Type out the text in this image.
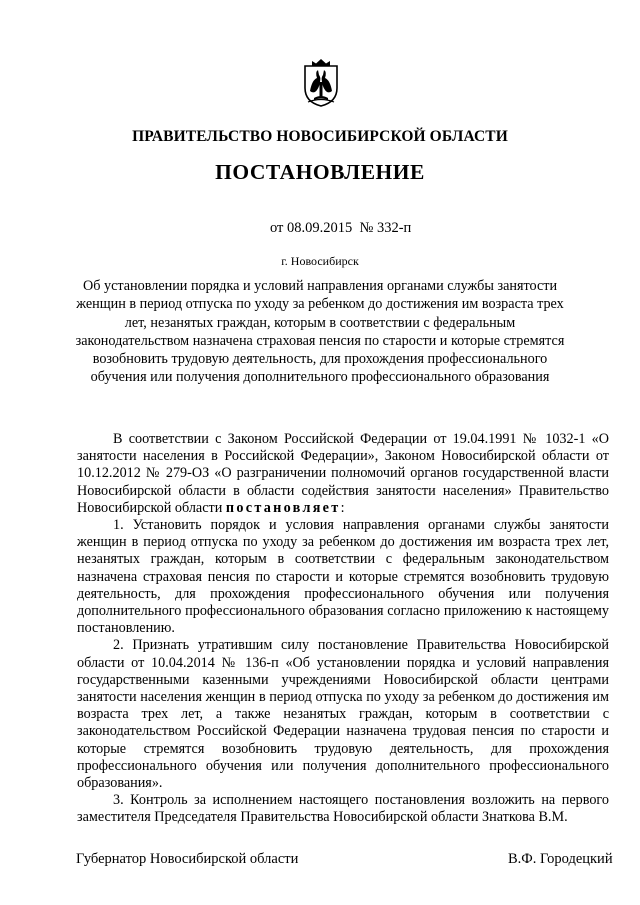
ПРАВИТЕЛЬСТВО НОВОСИБИРСКОЙ ОБЛАСТИ
ПОСТАНОВЛЕНИЕ
от 08.09.2015  № 332-п
г. Новосибирск
Об установлении порядка и условий направления органами службы занятости женщин в период отпуска по уходу за ребенком до достижения им возраста трех лет, незанятых граждан, которым в соответствии с федеральным законодательством назначена страховая пенсия по старости и которые стремятся возобновить трудовую деятельность, для прохождения профессионального обучения или получения дополнительного профессионального образования

В соответствии с Законом Российской Федерации от 19.04.1991 № 1032-1 «О занятости населения в Российской Федерации», Законом Новосибирской области от 10.12.2012 № 279-ОЗ «О разграничении полномочий органов государственной власти Новосибирской области в области содействия занятости населения» Правительство Новосибирской области постановляет:

1. Установить порядок и условия направления органами службы занятости женщин в период отпуска по уходу за ребенком до достижения им возраста трех лет, незанятых граждан, которым в соответствии с федеральным законодательством назначена страховая пенсия по старости и которые стремятся возобновить трудовую деятельность, для прохождения профессионального обучения или получения дополнительного профессионального образования согласно приложению к настоящему постановлению.

2. Признать утратившим силу постановление Правительства Новосибирской области от 10.04.2014 № 136-п «Об установлении порядка и условий направления государственными казенными учреждениями Новосибирской области центрами занятости населения женщин в период отпуска по уходу за ребенком до достижения им возраста трех лет, а также незанятых граждан, которым в соответствии с законодательством Российской Федерации назначена трудовая пенсия по старости и которые стремятся возобновить трудовую деятельность, для прохождения профессионального обучения или получения дополнительного профессионального образования».

3. Контроль за исполнением настоящего постановления возложить на первого заместителя Председателя Правительства Новосибирской области Знаткова В.М.

Губернатор Новосибирской области	В.Ф. Городецкий
